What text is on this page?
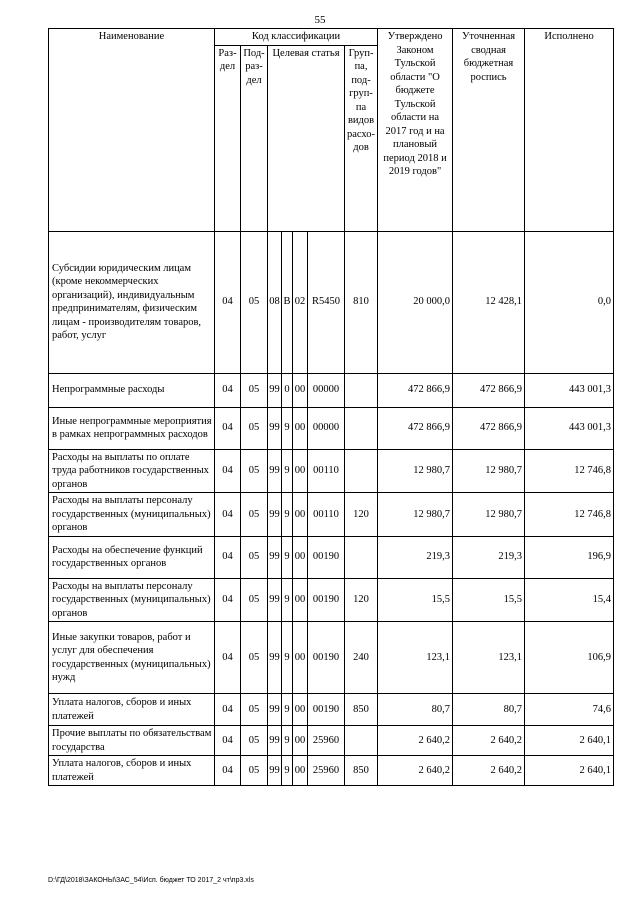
55
Наименование	Код классификации							Утверждено Законом Тульской области "О бюджете Тульской области на 2017 год и на плановый период 2018 и 2019 годов"	Уточненная сводная бюджетная роспись	Исполнено
	Раз-дел	Под-раз-дел	Целевая статья				Груп-па, под-груп-па видов расхо-дов			
Субсидии юридическим лицам (кроме некоммерческих организаций), индивидуальным предпринимателям, физическим лицам - производителям товаров, работ, услуг	04	05	08	В	02	R5450	810	20 000,0	12 428,1	0,0
Непрограммные расходы	04	05	99	0	00	00000		472 866,9	472 866,9	443 001,3
Иные непрограммные мероприятия в рамках непрограммных расходов	04	05	99	9	00	00000		472 866,9	472 866,9	443 001,3
Расходы на выплаты по оплате труда работников государственных органов	04	05	99	9	00	00110		12 980,7	12 980,7	12 746,8
Расходы на выплаты персоналу государственных (муниципальных) органов	04	05	99	9	00	00110	120	12 980,7	12 980,7	12 746,8
Расходы на обеспечение функций государственных органов	04	05	99	9	00	00190		219,3	219,3	196,9
Расходы на выплаты персоналу государственных (муниципальных) органов	04	05	99	9	00	00190	120	15,5	15,5	15,4
Иные закупки товаров, работ и услуг для обеспечения государственных (муниципальных) нужд	04	05	99	9	00	00190	240	123,1	123,1	106,9
Уплата налогов, сборов и иных платежей	04	05	99	9	00	00190	850	80,7	80,7	74,6
Прочие выплаты по обязательствам государства	04	05	99	9	00	25960		2 640,2	2 640,2	2 640,1
Уплата налогов, сборов и иных платежей	04	05	99	9	00	25960	850	2 640,2	2 640,2	2 640,1
D:\ГД\2018\ЗАКОНЫ\ЗАС_54\Исп. бюджет ТО 2017_2 чт\пр3.xls
